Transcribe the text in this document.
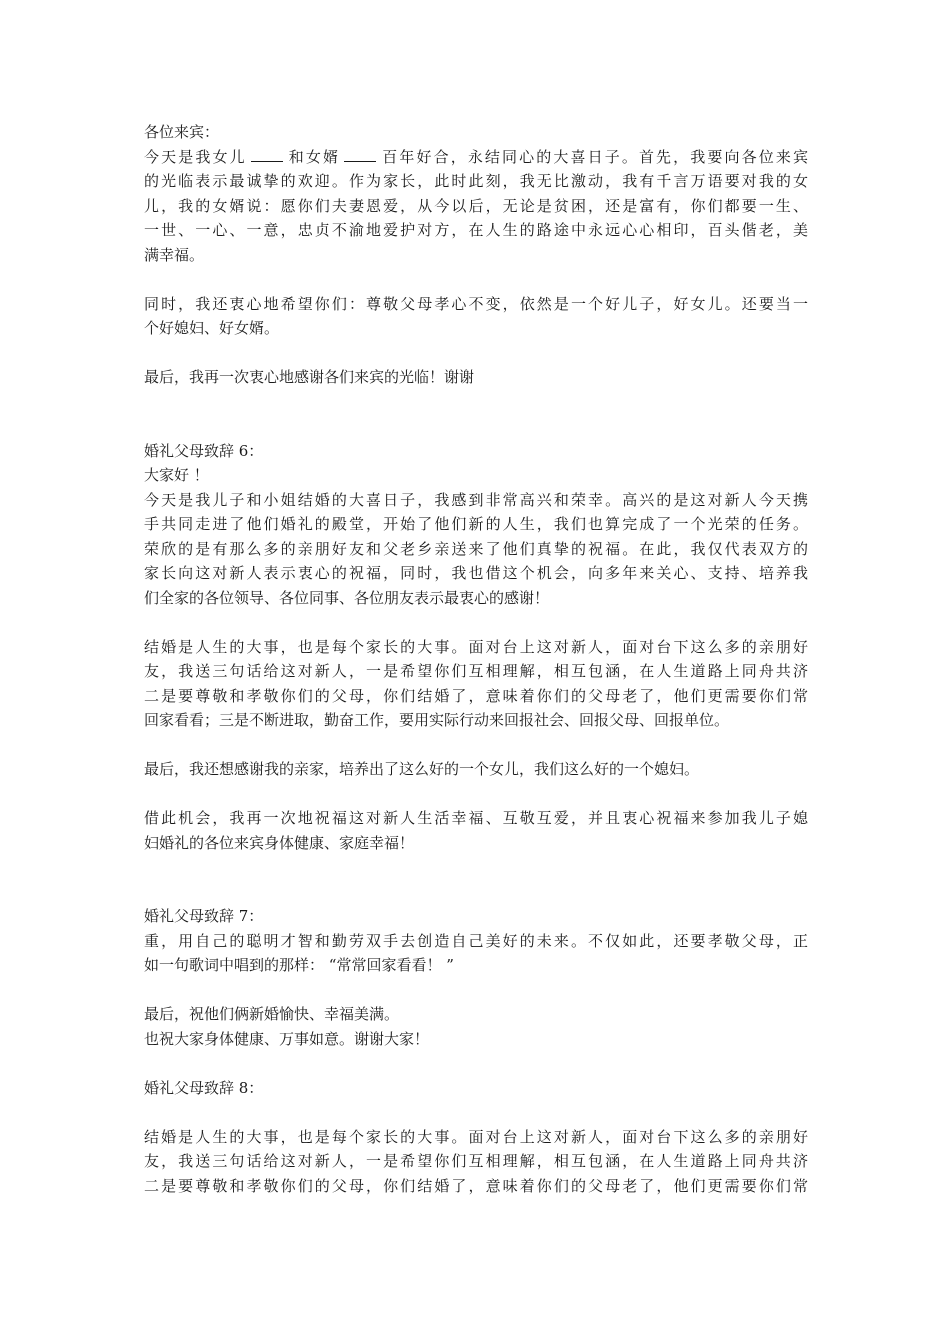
各位来宾：
今天是我女儿	和女婿	百年好合，永结同心的大喜日子。首先，我要向各位来宾
的光临表示最诚挚的欢迎。作为家长，此时此刻，我无比激动，我有千言万语要对我的女
儿，我的女婿说：愿你们夫妻恩爱，从今以后，无论是贫困，还是富有，你们都要一生、
一世、一心、一意，忠贞不渝地爱护对方，在人生的路途中永远心心相印，百头偕老，美
满幸福。
同时，我还衷心地希望你们：尊敬父母孝心不变，依然是一个好儿子，好女儿。还要当一
个好媳妇、好女婿。
最后，我再一次衷心地感谢各们来宾的光临！谢谢
婚礼父母致辞 6：
大家好 ！
今天是我儿子和小姐结婚的大喜日子，我感到非常高兴和荣幸。高兴的是这对新人今天携
手共同走进了他们婚礼的殿堂，开始了他们新的人生，我们也算完成了一个光荣的任务。
荣欣的是有那么多的亲朋好友和父老乡亲送来了他们真挚的祝福。在此，我仅代表双方的
家长向这对新人表示衷心的祝福，同时，我也借这个机会，向多年来关心、支持、培养我
们全家的各位领导、各位同事、各位朋友表示最衷心的感谢！
结婚是人生的大事，也是每个家长的大事。面对台上这对新人，面对台下这么多的亲朋好
友，我送三句话给这对新人，一是希望你们互相理解，相互包涵，在人生道路上同舟共济
二是要尊敬和孝敬你们的父母，你们结婚了，意味着你们的父母老了，他们更需要你们常
回家看看；三是不断进取，勤奋工作，要用实际行动来回报社会、回报父母、回报单位。
最后，我还想感谢我的亲家，培养出了这么好的一个女儿，我们这么好的一个媳妇。
借此机会，我再一次地祝福这对新人生活幸福、互敬互爱，并且衷心祝福来参加我儿子媳
妇婚礼的各位来宾身体健康、家庭幸福！
婚礼父母致辞 7：
重，用自己的聪明才智和勤劳双手去创造自己美好的未来。不仅如此，还要孝敬父母，正
如一句歌词中唱到的那样： “常常回家看看！ ”
最后，祝他们俩新婚愉快、幸福美满。
也祝大家身体健康、万事如意。谢谢大家！
婚礼父母致辞 8：
结婚是人生的大事，也是每个家长的大事。面对台上这对新人，面对台下这么多的亲朋好
友，我送三句话给这对新人，一是希望你们互相理解，相互包涵，在人生道路上同舟共济
二是要尊敬和孝敬你们的父母，你们结婚了，意味着你们的父母老了，他们更需要你们常
